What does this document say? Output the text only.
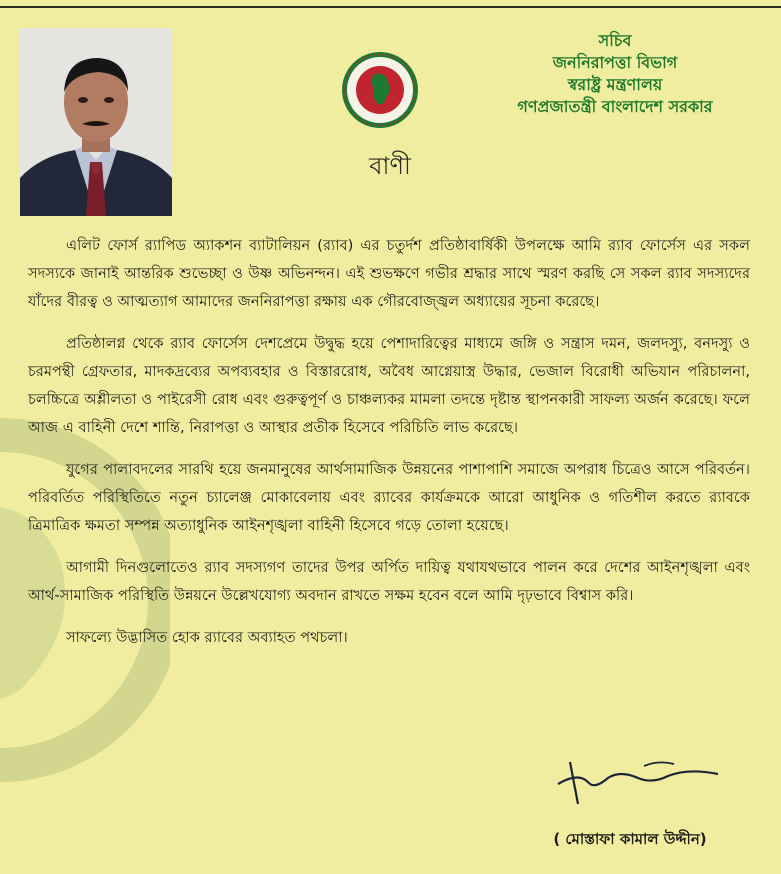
বাণী
সচিব
জননিরাপত্তা বিভাগ
স্বরাষ্ট্র মন্ত্রণালয়
গণপ্রজাতন্ত্রী বাংলাদেশ সরকার

এলিট ফোর্স র‍্যাপিড অ্যাকশন ব্যাটালিয়ন (র‍্যাব) এর চতুর্দশ প্রতিষ্ঠাবার্ষিকী উপলক্ষে আমি র‍্যাব ফোর্সেস এর সকল সদস্যকে জানাই আন্তরিক শুভেচ্ছা ও উষ্ণ অভিনন্দন। এই শুভক্ষণে গভীর শ্রদ্ধার সাথে স্মরণ করছি সে সকল র‍্যাব সদস্যদের যাঁদের বীরত্ব ও আত্মত্যাগ আমাদের জননিরাপত্তা রক্ষায় এক গৌরবোজ্জ্বল অধ্যায়ের সূচনা করেছে।

প্রতিষ্ঠালগ্ন থেকে র‍্যাব ফোর্সেস দেশপ্রেমে উদ্বুদ্ধ হয়ে পেশাদারিত্বের মাধ্যমে জঙ্গি ও সন্ত্রাস দমন, জলদস্যু, বনদস্যু ও চরমপন্থী গ্রেফতার, মাদকদ্রব্যের অপব্যবহার ও বিস্তাররোধ, অবৈধ আগ্নেয়াস্ত্র উদ্ধার, ভেজাল বিরোধী অভিযান পরিচালনা, চলচ্চিত্রে অশ্লীলতা ও পাইরেসী রোধ এবং গুরুত্বপূর্ণ ও চাঞ্চল্যকর মামলা তদন্তে দৃষ্টান্ত স্থাপনকারী সাফল্য অর্জন করেছে। ফলে আজ এ বাহিনী দেশে শান্তি, নিরাপত্তা ও আস্থার প্রতীক হিসেবে পরিচিতি লাভ করেছে।

যুগের পালাবদলের সারথি হয়ে জনমানুষের আর্থসামাজিক উন্নয়নের পাশাপাশি সমাজে অপরাধ চিত্রেও আসে পরিবর্তন। পরিবর্তিত পরিস্থিতিতে নতুন চ্যালেঞ্জ মোকাবেলায় এবং র‍্যাবের কার্যক্রমকে আরো আধুনিক ও গতিশীল করতে র‍্যাবকে ত্রিমাত্রিক ক্ষমতা সম্পন্ন অত্যাধুনিক আইনশৃঙ্খলা বাহিনী হিসেবে গড়ে তোলা হয়েছে।

আগামী দিনগুলোতেও র‍্যাব সদস্যগণ তাদের উপর অর্পিত দায়িত্ব যথাযথভাবে পালন করে দেশের আইনশৃঙ্খলা এবং আর্থ-সামাজিক পরিস্থিতি উন্নয়নে উল্লেখযোগ্য অবদান রাখতে সক্ষম হবেন বলে আমি দৃঢ়ভাবে বিশ্বাস করি।

সাফল্যে উদ্ভাসিত হোক র‍্যাবের অব্যাহত পথচলা।

( মোস্তাফা কামাল উদ্দীন)
